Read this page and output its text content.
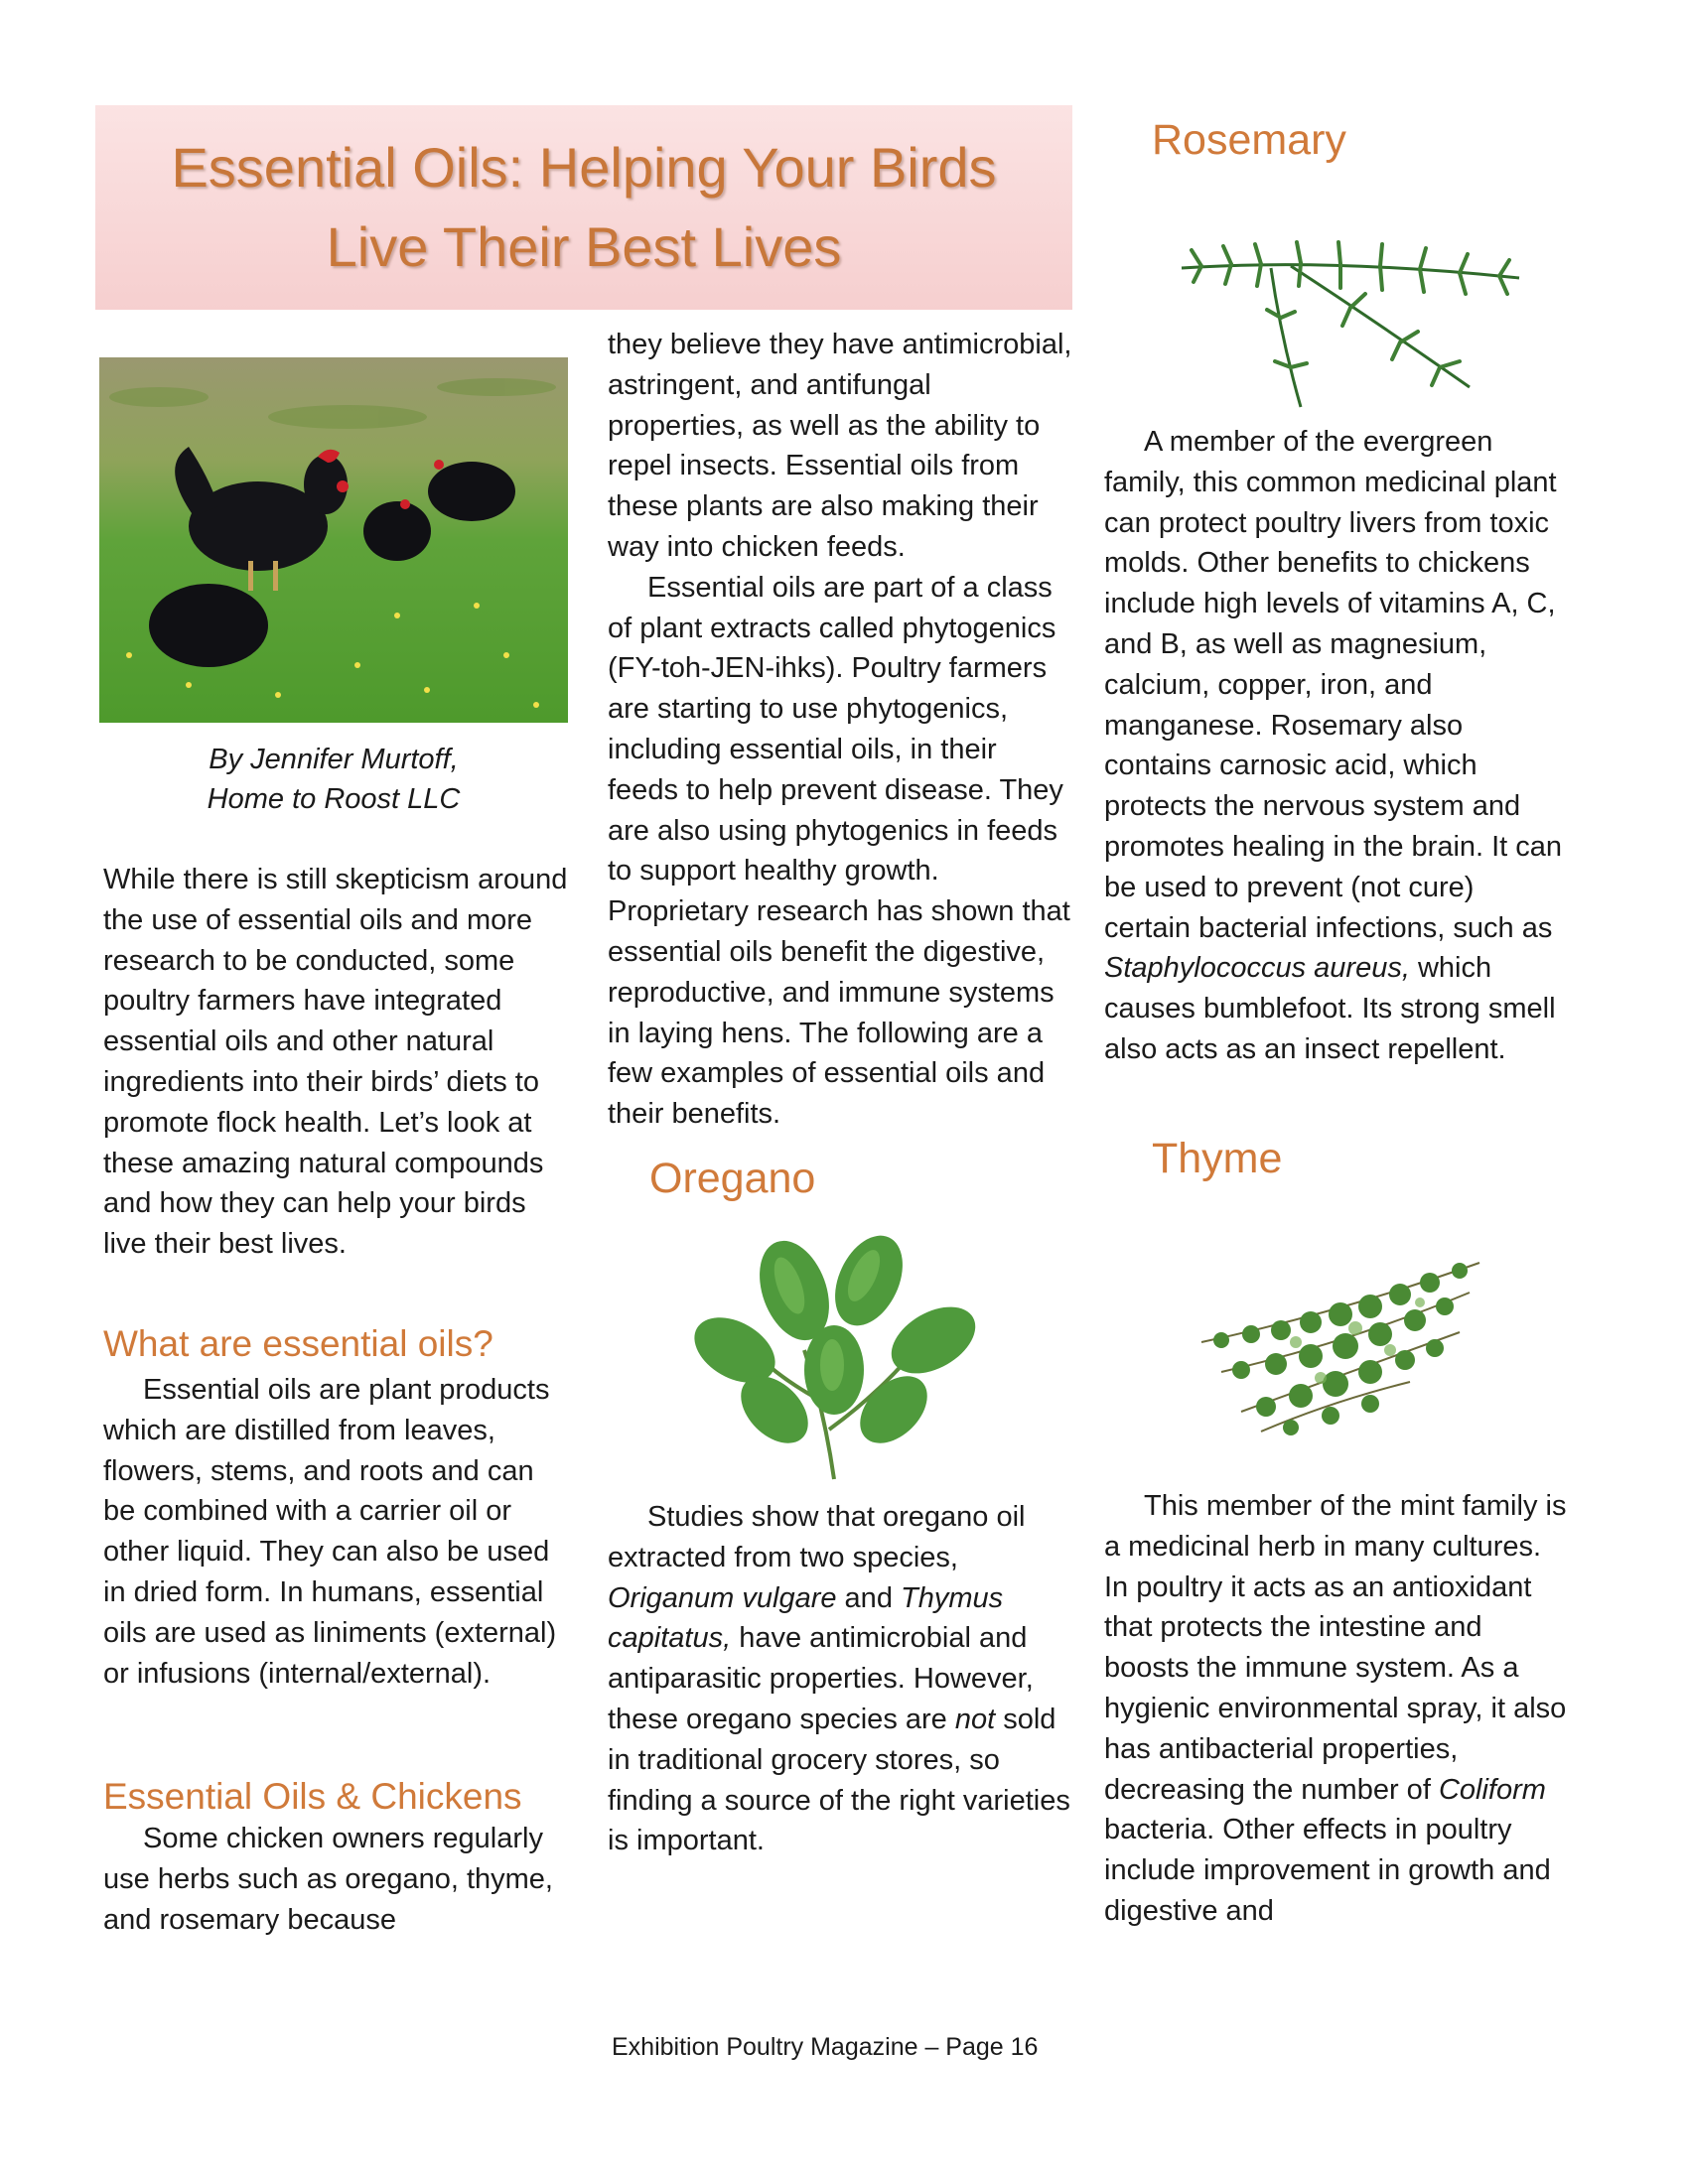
Essential Oils: Helping Your Birds
Live Their Best Lives
By Jennifer Murtoff,
Home to Roost LLC

While there is still skepticism around the use of essential oils and more research to be conducted, some poultry farmers have integrated essential oils and other natural ingredients into their birds’ diets to promote flock health. Let’s look at these amazing natural compounds and how they can help your birds live their best lives.

What are essential oils?

Essential oils are plant products which are distilled from leaves, flowers, stems, and roots and can be combined with a carrier oil or other liquid. They can also be used in dried form. In humans, essential oils are used as liniments (external) or infusions (internal/external).

Essential Oils & Chickens

Some chicken owners regularly use herbs such as oregano, thyme, and rosemary because

they believe they have antimicrobial, astringent, and antifungal properties, as well as the ability to repel insects. Essential oils from these plants are also making their way into chicken feeds.

Essential oils are part of a class of plant extracts called phytogenics (FY-toh-JEN-ihks). Poultry farmers are starting to use phytogenics, including essential oils, in their feeds to help prevent disease. They are also using phytogenics in feeds to support healthy growth. Proprietary research has shown that essential oils benefit the digestive, reproductive, and immune systems in laying hens. The following are a few examples of essential oils and their benefits.

Oregano

Studies show that oregano oil extracted from two species, Origanum vulgare and Thymus capitatus, have antimicrobial and antiparasitic properties. However, these oregano species are not sold in traditional grocery stores, so finding a source of the right varieties is important.

Rosemary

A member of the evergreen family, this common medicinal plant can protect poultry livers from toxic molds. Other benefits to chickens include high levels of vitamins A, C, and B, as well as magnesium, calcium, copper, iron, and manganese. Rosemary also contains carnosic acid, which protects the nervous system and promotes healing in the brain. It can be used to prevent (not cure) certain bacterial infections, such as Staphylococcus aureus, which causes bumblefoot. Its strong smell also acts as an insect repellent.

Thyme

This member of the mint family is a medicinal herb in many cultures. In poultry it acts as an antioxidant that protects the intestine and boosts the immune system. As a hygienic environmental spray, it also has antibacterial properties, decreasing the number of Coliform bacteria. Other effects in poultry include improvement in growth and digestive and

Exhibition Poultry Magazine – Page 16
